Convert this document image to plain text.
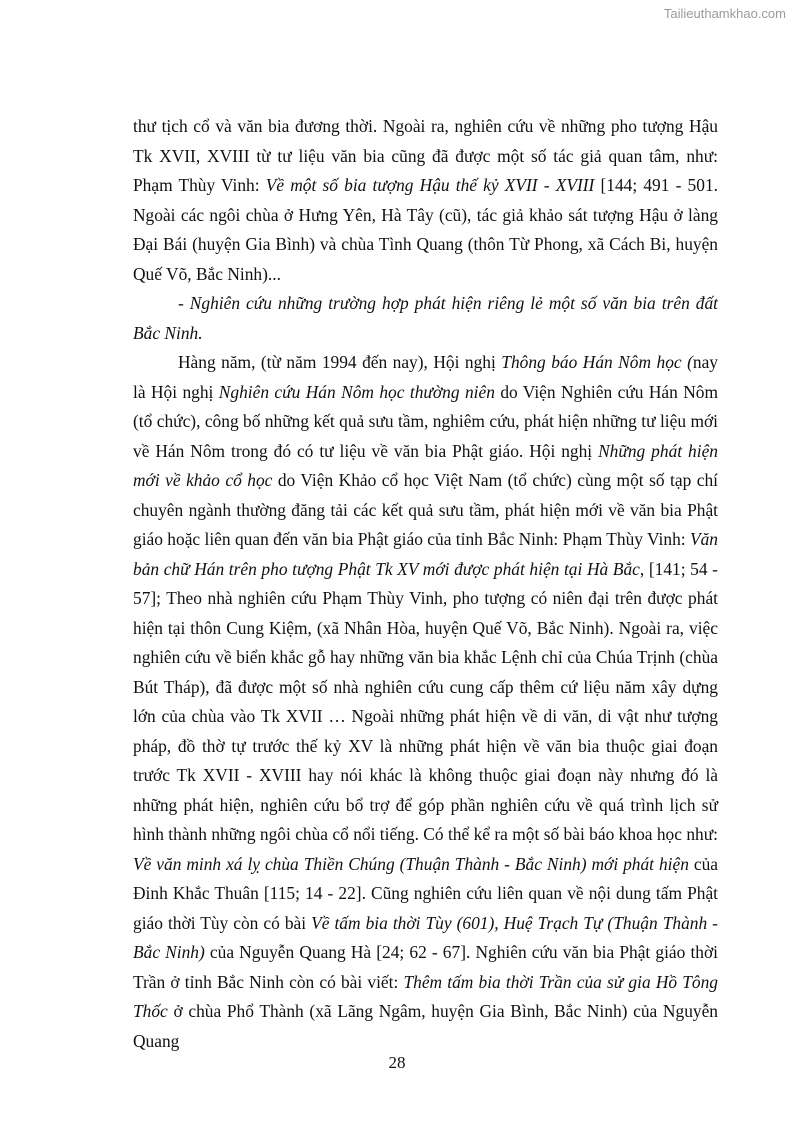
Tailieuthamkhao.com

thư tịch cổ và văn bia đương thời. Ngoài ra, nghiên cứu về những pho tượng Hậu Tk XVII, XVIII từ tư liệu văn bia cũng đã được một số tác giả quan tâm, như: Phạm Thùy Vinh: Về một số bia tượng Hậu thế kỷ XVII - XVIII [144; 491 - 501. Ngoài các ngôi chùa ở Hưng Yên, Hà Tây (cũ), tác giả khảo sát tượng Hậu ở làng Đại Bái (huyện Gia Bình) và chùa Tình Quang (thôn Từ Phong, xã Cách Bi, huyện Quế Võ, Bắc Ninh)...

- Nghiên cứu những trường hợp phát hiện riêng lẻ một số văn bia trên đất Bắc Ninh.

Hàng năm, (từ năm 1994 đến nay), Hội nghị Thông báo Hán Nôm học (nay là Hội nghị Nghiên cứu Hán Nôm học thường niên do Viện Nghiên cứu Hán Nôm (tổ chức), công bố những kết quả sưu tầm, nghiêm cứu, phát hiện những tư liệu mới về Hán Nôm trong đó có tư liệu về văn bia Phật giáo. Hội nghị Những phát hiện mới về khảo cổ học do Viện Khảo cổ học Việt Nam (tổ chức) cùng một số tạp chí chuyên ngành thường đăng tải các kết quả sưu tầm, phát hiện mới về văn bia Phật giáo hoặc liên quan đến văn bia Phật giáo của tỉnh Bắc Ninh: Phạm Thùy Vinh: Văn bản chữ Hán trên pho tượng Phật Tk XV mới được phát hiện tại Hà Bắc, [141; 54 - 57]; Theo nhà nghiên cứu Phạm Thùy Vinh, pho tượng có niên đại trên được phát hiện tại thôn Cung Kiệm, (xã Nhân Hòa, huyện Quế Võ, Bắc Ninh). Ngoài ra, việc nghiên cứu về biển khắc gỗ hay những văn bia khắc Lệnh chỉ của Chúa Trịnh (chùa Bút Tháp), đã được một số nhà nghiên cứu cung cấp thêm cứ liệu năm xây dựng lớn của chùa vào Tk XVII … Ngoài những phát hiện về di văn, di vật như tượng pháp, đồ thờ tự trước thế kỷ XV là những phát hiện về văn bia thuộc giai đoạn trước Tk XVII - XVIII hay nói khác là không thuộc giai đoạn này nhưng đó là những phát hiện, nghiên cứu bổ trợ để góp phần nghiên cứu về quá trình lịch sử hình thành những ngôi chùa cổ nổi tiếng. Có thể kể ra một số bài báo khoa học như: Về văn minh xá lỵ chùa Thiền Chúng (Thuận Thành - Bắc Ninh) mới phát hiện của Đinh Khắc Thuân [115; 14 - 22]. Cũng nghiên cứu liên quan về nội dung tấm Phật giáo thời Tùy còn có bài Về tấm bia thời Tùy (601), Huệ Trạch Tự (Thuận Thành - Bắc Ninh) của Nguyễn Quang Hà [24; 62 - 67]. Nghiên cứu văn bia Phật giáo thời Trần ở tỉnh Bắc Ninh còn có bài viết: Thêm tấm bia thời Trần của sử gia Hồ Tông Thốc ở chùa Phổ Thành (xã Lãng Ngâm, huyện Gia Bình, Bắc Ninh) của Nguyễn Quang

28
